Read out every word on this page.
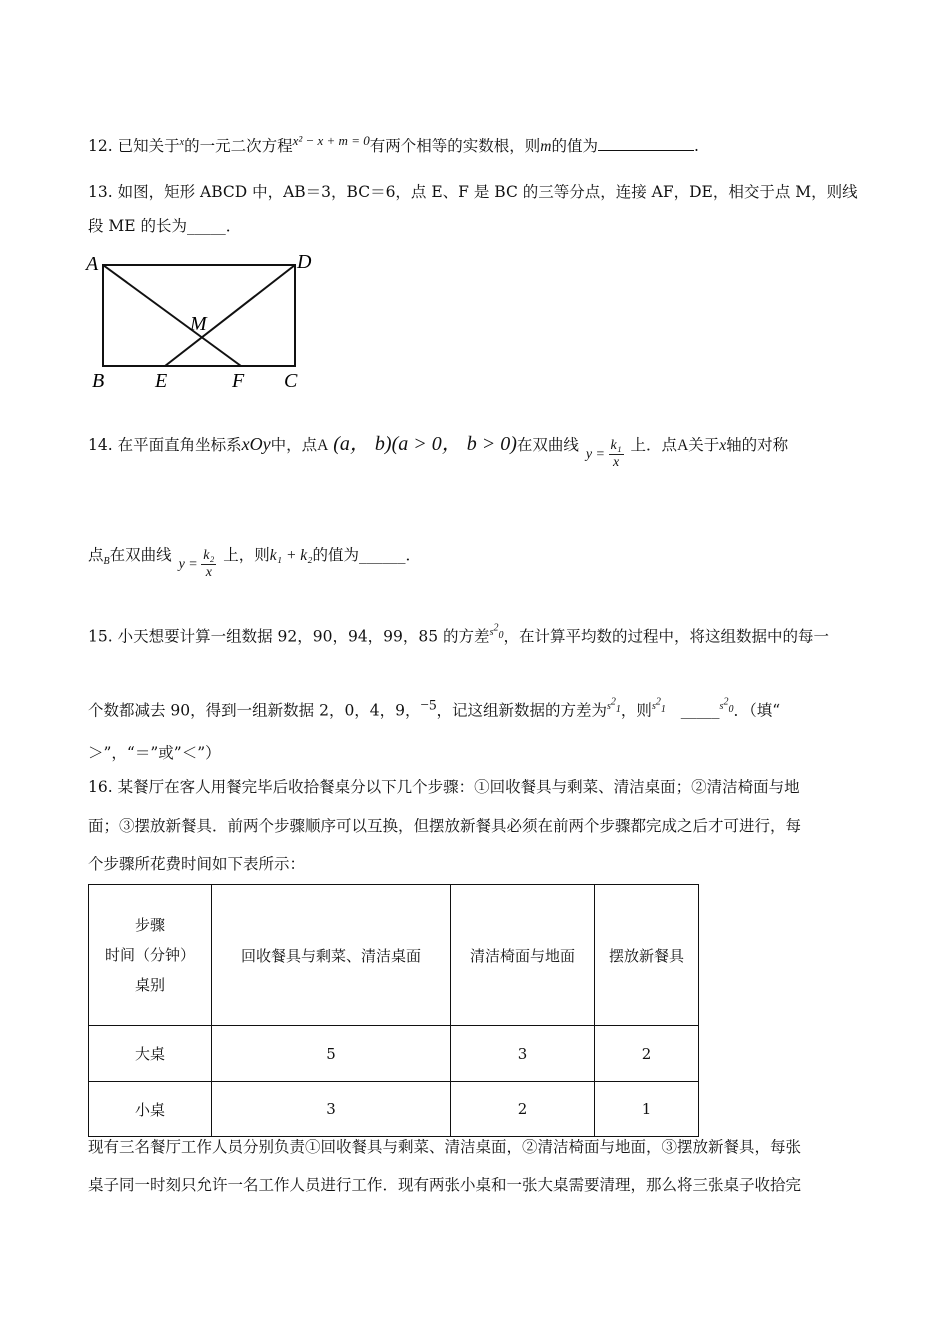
12. 已知关于$^x$的一元二次方程$^{x^2 - x + m = 0}$有两个相等的实数根，则m的值为	.
13. 如图，矩形 ABCD 中，AB＝3，BC＝6，点 E、F 是 BC 的三等分点，连接 AF，DE，相交于点 M，则线
段 ME 的长为_____．
A	D
M
B	E	F C
14. 在平面直角坐标系xOy中，点A (a， b)(a > 0， b > 0)在双曲线 $y = \frac{\text{k₁}}{x}$ 上．点A关于x轴的对称
点$_B$在双曲线 $y = \frac{\text{k₂}}{x}$ 上，则k₁ + k₂的值为______．
15. 小天想要计算一组数据 92，90，94，99，85 的方差$^{s^2_0}$，在计算平均数的过程中，将这组数据中的每一
个数都减去 90，得到一组新数据 2，0，4，9，$^{-5}$，记这组新数据的方差为$^{s^2_1}$，则$^{s^2_1}$ _____$^{s^2_0}$．（填“
＞”，“＝”或”＜”）
16. 某餐厅在客人用餐完毕后收拾餐桌分以下几个步骤：①回收餐具与剩菜、清洁桌面；②清洁椅面与地
面；③摆放新餐具．前两个步骤顺序可以互换，但摆放新餐具必须在前两个步骤都完成之后才可进行，每
个步骤所花费时间如下表所示：
步骤
时间（分钟）
桌别	回收餐具与剩菜、清洁桌面	清洁椅面与地面	摆放新餐具
大桌	5	3	2
小桌	3	2	1
现有三名餐厅工作人员分别负责①回收餐具与剩菜、清洁桌面，②清洁椅面与地面，③摆放新餐具，每张
桌子同一时刻只允许一名工作人员进行工作．现有两张小桌和一张大桌需要清理，那么将三张桌子收拾完
